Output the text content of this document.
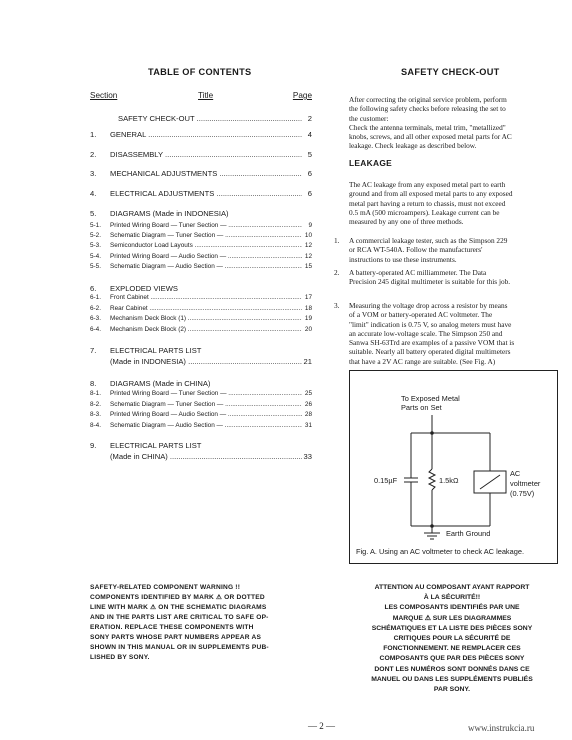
TABLE OF CONTENTS
Section	Title	Page
SAFETY CHECK-OUT .....	2
1. GENERAL .....	4
2. DISASSEMBLY .....	5
3. MECHANICAL ADJUSTMENTS .....	6
4. ELECTRICAL ADJUSTMENTS .....	6
5. DIAGRAMS (Made in INDONESIA)
5-1. Printed Wiring Board — Tuner Section — .....	9
5-2. Schematic Diagram — Tuner Section — .....	10
5-3. Semiconductor Load Layouts .....	12
5-4. Printed Wiring Board — Audio Section — .....	12
5-5. Schematic Diagram — Audio Section — .....	15
6. EXPLODED VIEWS
6-1. Front Cabinet .....	17
6-2. Rear Cabinet .....	18
6-3. Mechanism Deck Block (1) .....	19
6-4. Mechanism Deck Block (2) .....	20
7. ELECTRICAL PARTS LIST
(Made in INDONESIA) .....	21
8. DIAGRAMS (Made in CHINA)
8-1. Printed Wiring Board — Tuner Section — .....	25
8-2. Schematic Diagram — Tuner Section — .....	26
8-3. Printed Wiring Board — Audio Section — .....	28
8-4. Schematic Diagram — Audio Section — .....	31
9. ELECTRICAL PARTS LIST
(Made in CHINA) .....	33
SAFETY CHECK-OUT
After correcting the original service problem, perform
the following safety checks before releasing the set to
the customer:
Check the antenna terminals, metal trim, "metallized"
knobs, screws, and all other exposed metal parts for AC
leakage. Check leakage as described below.
LEAKAGE
The AC leakage from any exposed metal part to earth
ground and from all exposed metal parts to any exposed
metal part having a return to chassis, must not exceed
0.5 mA (500 microampers). Leakage current can be
measured by any one of three methods.
1. A commercial leakage tester, such as the Simpson 229
or RCA WT-540A. Follow the manufacturers'
instructions to use these instruments.
2. A battery-operated AC milliammeter. The Data
Precision 245 digital multimeter is suitable for this job.
3. Measuring the voltage drop across a resistor by means
of a VOM or battery-operated AC voltmeter. The
"limit" indication is 0.75 V, so analog meters must have
an accurate low-voltage scale. The Simpson 250 and
Sanwa SH-63Trd are examples of a passive VOM that is
suitable. Nearly all battery operated digital multimeters
that have a 2V AC range are suitable. (See Fig. A)
To Exposed Metal
Parts on Set
0.15µF	1.5kΩ
AC
voltmeter
(0.75V)
Earth Ground
Fig. A. Using an AC voltmeter to check AC leakage.
SAFETY-RELATED COMPONENT WARNING !!
COMPONENTS IDENTIFIED BY MARK ⚠ OR DOTTED
LINE WITH MARK ⚠ ON THE SCHEMATIC DIAGRAMS
AND IN THE PARTS LIST ARE CRITICAL TO SAFE OP-
ERATION. REPLACE THESE COMPONENTS WITH
SONY PARTS WHOSE PART NUMBERS APPEAR AS
SHOWN IN THIS MANUAL OR IN SUPPLEMENTS PUB-
LISHED BY SONY.
ATTENTION AU COMPOSANT AYANT RAPPORT
À LA SÉCURITÉ!!
LES COMPOSANTS IDENTIFIÉS PAR UNE
MARQUE ⚠ SUR LES DIAGRAMMES
SCHÉMATIQUES ET LA LISTE DES PIÈCES SONY
CRITIQUES POUR LA SÉCURITÉ DE
FONCTIONNEMENT. NE REMPLACER CES
COMPOSANTS QUE PAR DES PIÈCES SONY
DONT LES NUMÉROS SONT DONNÉS DANS CE
MANUEL OU DANS LES SUPPLÉMENTS PUBLIÉS
PAR SONY.
— 2 —	www.instrukcia.ru
